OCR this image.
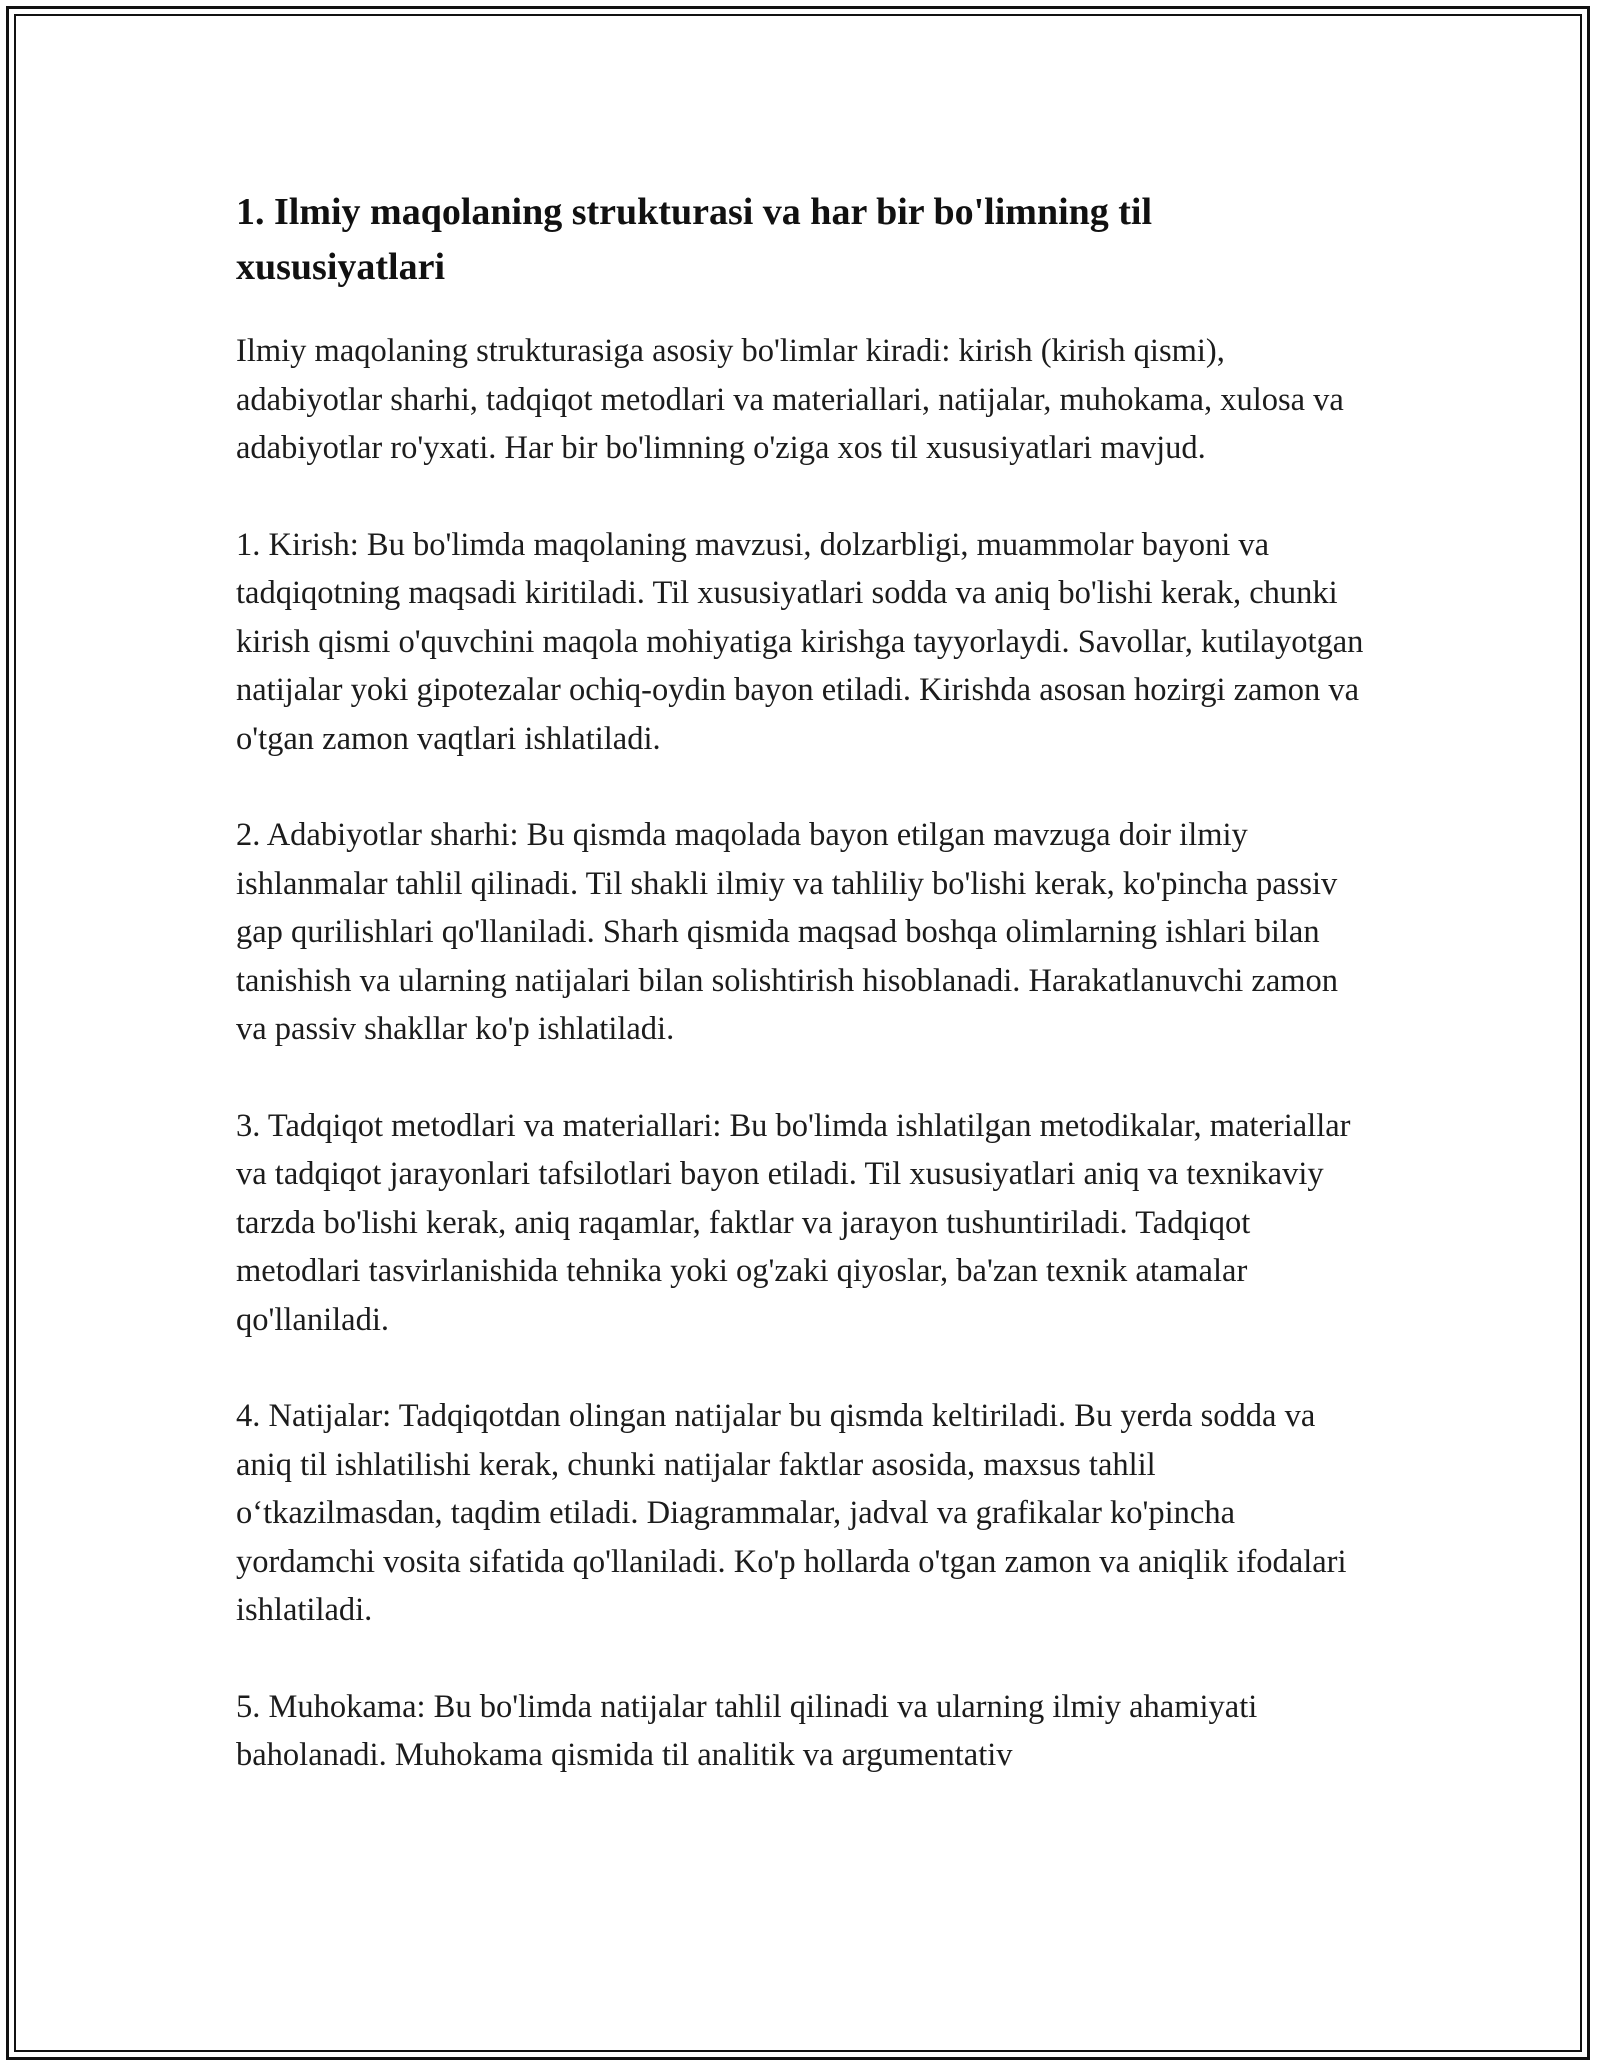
1. Ilmiy maqolaning strukturasi va har bir bo'limning til xususiyatlari

Ilmiy maqolaning strukturasiga asosiy bo'limlar kiradi: kirish (kirish qismi), adabiyotlar sharhi, tadqiqot metodlari va materiallari, natijalar, muhokama, xulosa va adabiyotlar ro'yxati. Har bir bo'limning o'ziga xos til xususiyatlari mavjud.

1. Kirish: Bu bo'limda maqolaning mavzusi, dolzarbligi, muammolar bayoni va tadqiqotning maqsadi kiritiladi. Til xususiyatlari sodda va aniq bo'lishi kerak, chunki kirish qismi o'quvchini maqola mohiyatiga kirishga tayyorlaydi. Savollar, kutilayotgan natijalar yoki gipotezalar ochiq-oydin bayon etiladi. Kirishda asosan hozirgi zamon va o'tgan zamon vaqtlari ishlatiladi.

2. Adabiyotlar sharhi: Bu qismda maqolada bayon etilgan mavzuga doir ilmiy ishlanmalar tahlil qilinadi. Til shakli ilmiy va tahliliy bo'lishi kerak, ko'pincha passiv gap qurilishlari qo'llaniladi. Sharh qismida maqsad boshqa olimlarning ishlari bilan tanishish va ularning natijalari bilan solishtirish hisoblanadi. Harakatlanuvchi zamon va passiv shakllar ko'p ishlatiladi.

3. Tadqiqot metodlari va materiallari: Bu bo'limda ishlatilgan metodikalar, materiallar va tadqiqot jarayonlari tafsilotlari bayon etiladi. Til xususiyatlari aniq va texnikaviy tarzda bo'lishi kerak, aniq raqamlar, faktlar va jarayon tushuntiriladi. Tadqiqot metodlari tasvirlanishida tehnika yoki og'zaki qiyoslar, ba'zan texnik atamalar qo'llaniladi.

4. Natijalar: Tadqiqotdan olingan natijalar bu qismda keltiriladi. Bu yerda sodda va aniq til ishlatilishi kerak, chunki natijalar faktlar asosida, maxsus tahlil o‘tkazilmasdan, taqdim etiladi. Diagrammalar, jadval va grafikalar ko'pincha yordamchi vosita sifatida qo'llaniladi. Ko'p hollarda o'tgan zamon va aniqlik ifodalari ishlatiladi.

5. Muhokama: Bu bo'limda natijalar tahlil qilinadi va ularning ilmiy ahamiyati baholanadi. Muhokama qismida til analitik va argumentativ
